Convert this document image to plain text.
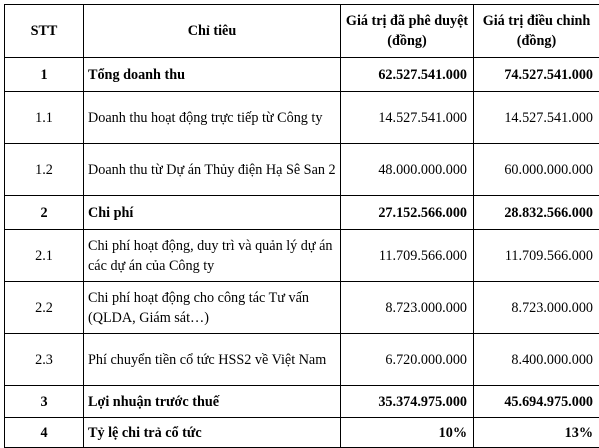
STT	Chỉ tiêu	Giá trị đã phê duyệt (đồng)	Giá trị điều chỉnh (đồng)
1	Tổng doanh thu	62.527.541.000	74.527.541.000
1.1	Doanh thu hoạt động trực tiếp từ Công ty	14.527.541.000	14.527.541.000
1.2	Doanh thu từ Dự án Thủy điện Hạ Sê San 2	48.000.000.000	60.000.000.000
2	Chi phí	27.152.566.000	28.832.566.000
2.1	Chi phí hoạt động, duy trì và quản lý dự án các dự án của Công ty	11.709.566.000	11.709.566.000
2.2	Chi phí hoạt động cho công tác Tư vấn (QLDA, Giám sát…)	8.723.000.000	8.723.000.000
2.3	Phí chuyển tiền cổ tức HSS2 về Việt Nam	6.720.000.000	8.400.000.000
3	Lợi nhuận trước thuế	35.374.975.000	45.694.975.000
4	Tỷ lệ chi trả cổ tức	10%	13%
